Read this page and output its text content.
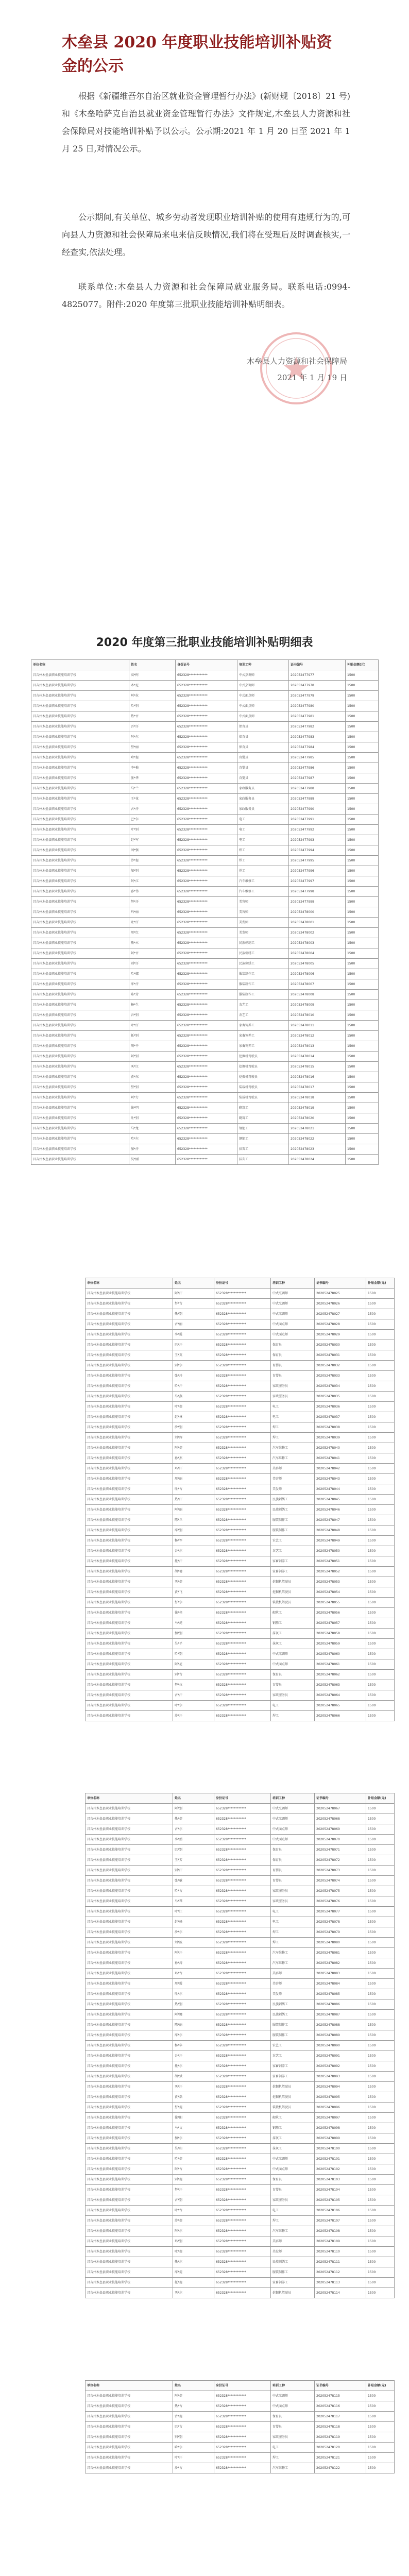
木垒县 2020 年度职业技能培训补贴资金的公示

根据《新疆维吾尔自治区就业资金管理暂行办法》(新财规〔2018〕21 号)和《木垒哈萨克自治县就业资金管理暂行办法》文件规定,木垒县人力资源和社会保障局对技能培训补贴予以公示。公示期:2021 年 1 月 20 日至 2021 年 1 月 25 日,对情况公示。

公示期间,有关单位、城乡劳动者发现职业培训补贴的使用有违规行为的,可向县人力资源和社会保障局来电来信反映情况,我们将在受理后及时调查核实,一经查实,依法处理。

联系单位:木垒县人力资源和社会保障局就业服务局。联系电话:0994-4825077。附件:2020 年度第三批职业技能培训补贴明细表。

木垒县人力资源和社会保障局

2021 年 1 月 19 日

2020 年度第三批职业技能培训补贴明细表
单位名称	姓名	身份证号	培训工种	证书编号	补贴金额(元)
昌吉州木垒县职业技能培训学校	高*阿	652328************	中式烹调师	202052477977	1500
昌吉州木垒县职业技能培训学校	木*尼	652328************	中式烹调师	202052477978	1500
昌吉州木垒县职业技能培训学校	阿*拉	652328************	中式面点师	202052477979	1500
昌吉州木垒县职业技能培训学校	哈*别	652328************	中式面点师	202052477980	1500
昌吉州木垒县职业技能培训学校	热*古	652328************	中式面点师	202052477981	1500
昌吉州木垒县职业技能培训学校	吾*汗	652328************	保育员	202052477982	1500
昌吉州木垒县职业技能培训学校	阿*尔	652328************	保育员	202052477983	1500
昌吉州木垒县职业技能培训学校	努*丽	652328************	保育员	202052477984	1500
昌吉州木垒县职业技能培训学校	哈*提	652328************	育婴员	202052477985	1500
昌吉州木垒县职业技能培训学校	李*梅	652328************	育婴员	202052477986	1500
昌吉州木垒县职业技能培训学校	张*华	652328************	育婴员	202052477987	1500
昌吉州木垒县职业技能培训学校	马*兰	652328************	家政服务员	202052477988	1500
昌吉州木垒县职业技能培训学校	王*花	652328************	家政服务员	202052477989	1500
昌吉州木垒县职业技能培训学校	古*汗	652328************	家政服务员	202052477990	1500
昌吉州木垒县职业技能培训学校	巴*尔	652328************	电工	202052477991	1500
昌吉州木垒县职业技能培训学校	叶*别	652328************	电工	202052477992	1500
昌吉州木垒县职业技能培训学校	赵*军	652328************	电工	202052477993	1500
昌吉州木垒县职业技能培训学校	刘*强	652328************	焊工	202052477994	1500
昌吉州木垒县职业技能培训学校	沙*提	652328************	焊工	202052477995	1500
昌吉州木垒县职业技能培训学校	加*别	652328************	焊工	202052477996	1500
昌吉州木垒县职业技能培训学校	阿*江	652328************	汽车维修工	202052477997	1500
昌吉州木垒县职业技能培训学校	孙*伟	652328************	汽车维修工	202052477998	1500
昌吉州木垒县职业技能培训学校	努*汗	652328************	美容师	202052477999	1500
昌吉州木垒县职业技能培训学校	玛*丽	652328************	美容师	202052478000	1500
昌吉州木垒县职业技能培训学校	吐*汗	652328************	美发师	202052478001	1500
昌吉州木垒县职业技能培训学校	周*红	652328************	美发师	202052478002	1500
昌吉州木垒县职业技能培训学校	热*木	652328************	民族刺绣工	202052478003	1500
昌吉州木垒县职业技能培训学校	阿*古	652328************	民族刺绣工	202052478004	1500
昌吉州木垒县职业技能培训学校	别*汗	652328************	民族刺绣工	202052478005	1500
昌吉州木垒县职业技能培训学校	哈*娜	652328************	服装制作工	202052478006	1500
昌吉州木垒县职业技能培训学校	库*汗	652328************	服装制作工	202052478007	1500
昌吉州木垒县职业技能培训学校	陈*芳	652328************	服装制作工	202052478008	1500
昌吉州木垒县职业技能培训学校	杨*生	652328************	农艺工	202052478009	1500
昌吉州木垒县职业技能培训学校	吾*别	652328************	农艺工	202052478010	1500
昌吉州木垒县职业技能培训学校	叶*汗	652328************	家畜饲养工	202052478011	1500
昌吉州木垒县职业技能培训学校	托*别	652328************	家畜饲养工	202052478012	1500
昌吉州木垒县职业技能培训学校	胡*平	652328************	家畜饲养工	202052478013	1500
昌吉州木垒县职业技能培训学校	阿*别	652328************	挖掘机驾驶员	202052478014	1500
昌吉州木垒县职业技能培训学校	买*江	652328************	挖掘机驾驶员	202052478015	1500
昌吉州木垒县职业技能培训学校	黄*东	652328************	挖掘机驾驶员	202052478016	1500
昌吉州木垒县职业技能培训学校	努*别	652328************	装载机驾驶员	202052478017	1500
昌吉州木垒县职业技能培训学校	阿*力	652328************	装载机驾驶员	202052478018	1500
昌吉州木垒县职业技能培训学校	徐*明	652328************	砌筑工	202052478019	1500
昌吉州木垒县职业技能培训学校	吐*别	652328************	砌筑工	202052478020	1500
昌吉州木垒县职业技能培训学校	马*龙	652328************	钢筋工	202052478021	1500
昌吉州木垒县职业技能培训学校	哈*尔	652328************	钢筋工	202052478022	1500
昌吉州木垒县职业技能培训学校	加*汗	652328************	抹灰工	202052478023	1500
昌吉州木垒县职业技能培训学校	吴*刚	652328************	抹灰工	202052478024	1500
单位名称	姓名	身份证号	培训工种	证书编号	补贴金额(元)
昌吉州木垒县职业技能培训学校	阿*汗	652328************	中式烹调师	202052478025	1500
昌吉州木垒县职业技能培训学校	努*古	652328************	中式烹调师	202052478026	1500
昌吉州木垒县职业技能培训学校	热*别	652328************	中式烹调师	202052478027	1500
昌吉州木垒县职业技能培训学校	古*丽	652328************	中式面点师	202052478028	1500
昌吉州木垒县职业技能培训学校	李*霞	652328************	中式面点师	202052478029	1500
昌吉州木垒县职业技能培训学校	巴*汗	652328************	保育员	202052478030	1500
昌吉州木垒县职业技能培训学校	王*英	652328************	保育员	202052478031	1500
昌吉州木垒县职业技能培训学校	别*尔	652328************	育婴员	202052478032	1500
昌吉州木垒县职业技能培训学校	张*玲	652328************	育婴员	202052478033	1500
昌吉州木垒县职业技能培训学校	哈*汗	652328************	家政服务员	202052478034	1500
昌吉州木垒县职业技能培训学校	马*燕	652328************	家政服务员	202052478035	1500
昌吉州木垒县职业技能培训学校	叶*提	652328************	电工	202052478036	1500
昌吉州木垒县职业技能培训学校	赵*林	652328************	电工	202052478037	1500
昌吉州木垒县职业技能培训学校	沙*别	652328************	焊工	202052478038	1500
昌吉州木垒县职业技能培训学校	刘*辉	652328************	焊工	202052478039	1500
昌吉州木垒县职业技能培训学校	阿*提	652328************	汽车维修工	202052478040	1500
昌吉州木垒县职业技能培训学校	孙*杰	652328************	汽车维修工	202052478041	1500
昌吉州木垒县职业技能培训学校	玛*汗	652328************	美容师	202052478042	1500
昌吉州木垒县职业技能培训学校	周*丽	652328************	美容师	202052478043	1500
昌吉州木垒县职业技能培训学校	吐*古	652328************	美发师	202052478044	1500
昌吉州木垒县职业技能培训学校	热*汗	652328************	民族刺绣工	202052478045	1500
昌吉州木垒县职业技能培训学校	阿*丽	652328************	民族刺绣工	202052478046	1500
昌吉州木垒县职业技能培训学校	陈*兰	652328************	服装制作工	202052478047	1500
昌吉州木垒县职业技能培训学校	库*别	652328************	服装制作工	202052478048	1500
昌吉州木垒县职业技能培训学校	杨*军	652328************	农艺工	202052478049	1500
昌吉州木垒县职业技能培训学校	吾*尔	652328************	农艺工	202052478050	1500
昌吉州木垒县职业技能培训学校	托*汗	652328************	家畜饲养工	202052478051	1500
昌吉州木垒县职业技能培训学校	胡*德	652328************	家畜饲养工	202052478052	1500
昌吉州木垒县职业技能培训学校	买*提	652328************	挖掘机驾驶员	202052478053	1500
昌吉州木垒县职业技能培训学校	黄*飞	652328************	挖掘机驾驶员	202052478054	1500
昌吉州木垒县职业技能培训学校	努*尔	652328************	装载机驾驶员	202052478055	1500
昌吉州木垒县职业技能培训学校	徐*亮	652328************	砌筑工	202052478056	1500
昌吉州木垒县职业技能培训学校	马*虎	652328************	钢筋工	202052478057	1500
昌吉州木垒县职业技能培训学校	加*别	652328************	抹灰工	202052478058	1500
昌吉州木垒县职业技能培训学校	吴*平	652328************	抹灰工	202052478059	1500
昌吉州木垒县职业技能培训学校	哈*别	652328************	中式烹调师	202052478060	1500
昌吉州木垒县职业技能培训学校	阿*尼	652328************	中式面点师	202052478061	1500
昌吉州木垒县职业技能培训学校	别*古	652328************	保育员	202052478062	1500
昌吉州木垒县职业技能培训学校	努*拉	652328************	育婴员	202052478063	1500
昌吉州木垒县职业技能培训学校	古*汗	652328************	家政服务员	202052478064	1500
昌吉州木垒县职业技能培训学校	叶*尔	652328************	电工	202052478065	1500
昌吉州木垒县职业技能培训学校	沙*汗	652328************	焊工	202052478066	1500
单位名称	姓名	身份证号	培训工种	证书编号	补贴金额(元)
昌吉州木垒县职业技能培训学校	阿*别	652328************	中式烹调师	202052478067	1500
昌吉州木垒县职业技能培训学校	热*提	652328************	中式烹调师	202052478068	1500
昌吉州木垒县职业技能培训学校	古*尔	652328************	中式面点师	202052478069	1500
昌吉州木垒县职业技能培训学校	李*娟	652328************	中式面点师	202052478070	1500
昌吉州木垒县职业技能培训学校	巴*别	652328************	保育员	202052478071	1500
昌吉州木垒县职业技能培训学校	王*芳	652328************	保育员	202052478072	1500
昌吉州木垒县职业技能培训学校	别*汗	652328************	育婴员	202052478073	1500
昌吉州木垒县职业技能培训学校	张*敏	652328************	育婴员	202052478074	1500
昌吉州木垒县职业技能培训学校	哈*古	652328************	家政服务员	202052478075	1500
昌吉州木垒县职业技能培训学校	马*琴	652328************	家政服务员	202052478076	1500
昌吉州木垒县职业技能培训学校	叶*江	652328************	电工	202052478077	1500
昌吉州木垒县职业技能培训学校	赵*峰	652328************	电工	202052478078	1500
昌吉州木垒县职业技能培训学校	沙*尔	652328************	焊工	202052478079	1500
昌吉州木垒县职业技能培训学校	刘*波	652328************	焊工	202052478080	1500
昌吉州木垒县职业技能培训学校	阿*汗	652328************	汽车维修工	202052478081	1500
昌吉州木垒县职业技能培训学校	孙*涛	652328************	汽车维修工	202052478082	1500
昌吉州木垒县职业技能培训学校	玛*古	652328************	美容师	202052478083	1500
昌吉州木垒县职业技能培训学校	周*霞	652328************	美容师	202052478084	1500
昌吉州木垒县职业技能培训学校	吐*尔	652328************	美发师	202052478085	1500
昌吉州木垒县职业技能培训学校	热*别	652328************	民族刺绣工	202052478086	1500
昌吉州木垒县职业技能培训学校	阿*娜	652328************	民族刺绣工	202052478087	1500
昌吉州木垒县职业技能培训学校	陈*丽	652328************	服装制作工	202052478088	1500
昌吉州木垒县职业技能培训学校	库*尔	652328************	服装制作工	202052478089	1500
昌吉州木垒县职业技能培训学校	杨*华	652328************	农艺工	202052478090	1500
昌吉州木垒县职业技能培训学校	吾*汗	652328************	农艺工	202052478091	1500
昌吉州木垒县职业技能培训学校	托*尔	652328************	家畜饲养工	202052478092	1500
昌吉州木垒县职业技能培训学校	胡*斌	652328************	家畜饲养工	202052478093	1500
昌吉州木垒县职业技能培训学校	买*汗	652328************	挖掘机驾驶员	202052478094	1500
昌吉州木垒县职业技能培训学校	黄*磊	652328************	挖掘机驾驶员	202052478095	1500
昌吉州木垒县职业技能培训学校	努*提	652328************	装载机驾驶员	202052478096	1500
昌吉州木垒县职业技能培训学校	徐*阳	652328************	砌筑工	202052478097	1500
昌吉州木垒县职业技能培训学校	马*文	652328************	钢筋工	202052478098	1500
昌吉州木垒县职业技能培训学校	加*尔	652328************	抹灰工	202052478099	1500
昌吉州木垒县职业技能培训学校	吴*山	652328************	抹灰工	202052478100	1500
昌吉州木垒县职业技能培训学校	哈*提	652328************	中式烹调师	202052478101	1500
昌吉州木垒县职业技能培训学校	阿*古	652328************	中式面点师	202052478102	1500
昌吉州木垒县职业技能培训学校	别*提	652328************	保育员	202052478103	1500
昌吉州木垒县职业技能培训学校	努*汗	652328************	育婴员	202052478104	1500
昌吉州木垒县职业技能培训学校	古*别	652328************	家政服务员	202052478105	1500
昌吉州木垒县职业技能培训学校	叶*古	652328************	电工	202052478106	1500
昌吉州木垒县职业技能培训学校	沙*提	652328************	焊工	202052478107	1500
昌吉州木垒县职业技能培训学校	阿*尔	652328************	汽车维修工	202052478108	1500
昌吉州木垒县职业技能培训学校	玛*别	652328************	美容师	202052478109	1500
昌吉州木垒县职业技能培训学校	吐*提	652328************	美发师	202052478110	1500
昌吉州木垒县职业技能培训学校	热*尔	652328************	民族刺绣工	202052478111	1500
昌吉州木垒县职业技能培训学校	库*提	652328************	服装制作工	202052478112	1500
昌吉州木垒县职业技能培训学校	托*提	652328************	家畜饲养工	202052478113	1500
昌吉州木垒县职业技能培训学校	买*尔	652328************	挖掘机驾驶员	202052478114	1500
单位名称	姓名	身份证号	培训工种	证书编号	补贴金额(元)
昌吉州木垒县职业技能培训学校	阿*提	652328************	中式烹调师	202052478115	1500
昌吉州木垒县职业技能培训学校	热*古	652328************	中式面点师	202052478116	1500
昌吉州木垒县职业技能培训学校	古*提	652328************	保育员	202052478117	1500
昌吉州木垒县职业技能培训学校	巴*古	652328************	育婴员	202052478118	1500
昌吉州木垒县职业技能培训学校	别*别	652328************	家政服务员	202052478119	1500
昌吉州木垒县职业技能培训学校	哈*尔	652328************	电工	202052478120	1500
昌吉州木垒县职业技能培训学校	叶*汗	652328************	焊工	202052478121	1500
昌吉州木垒县职业技能培训学校	沙*古	652328************	汽车维修工	202052478122	1500
